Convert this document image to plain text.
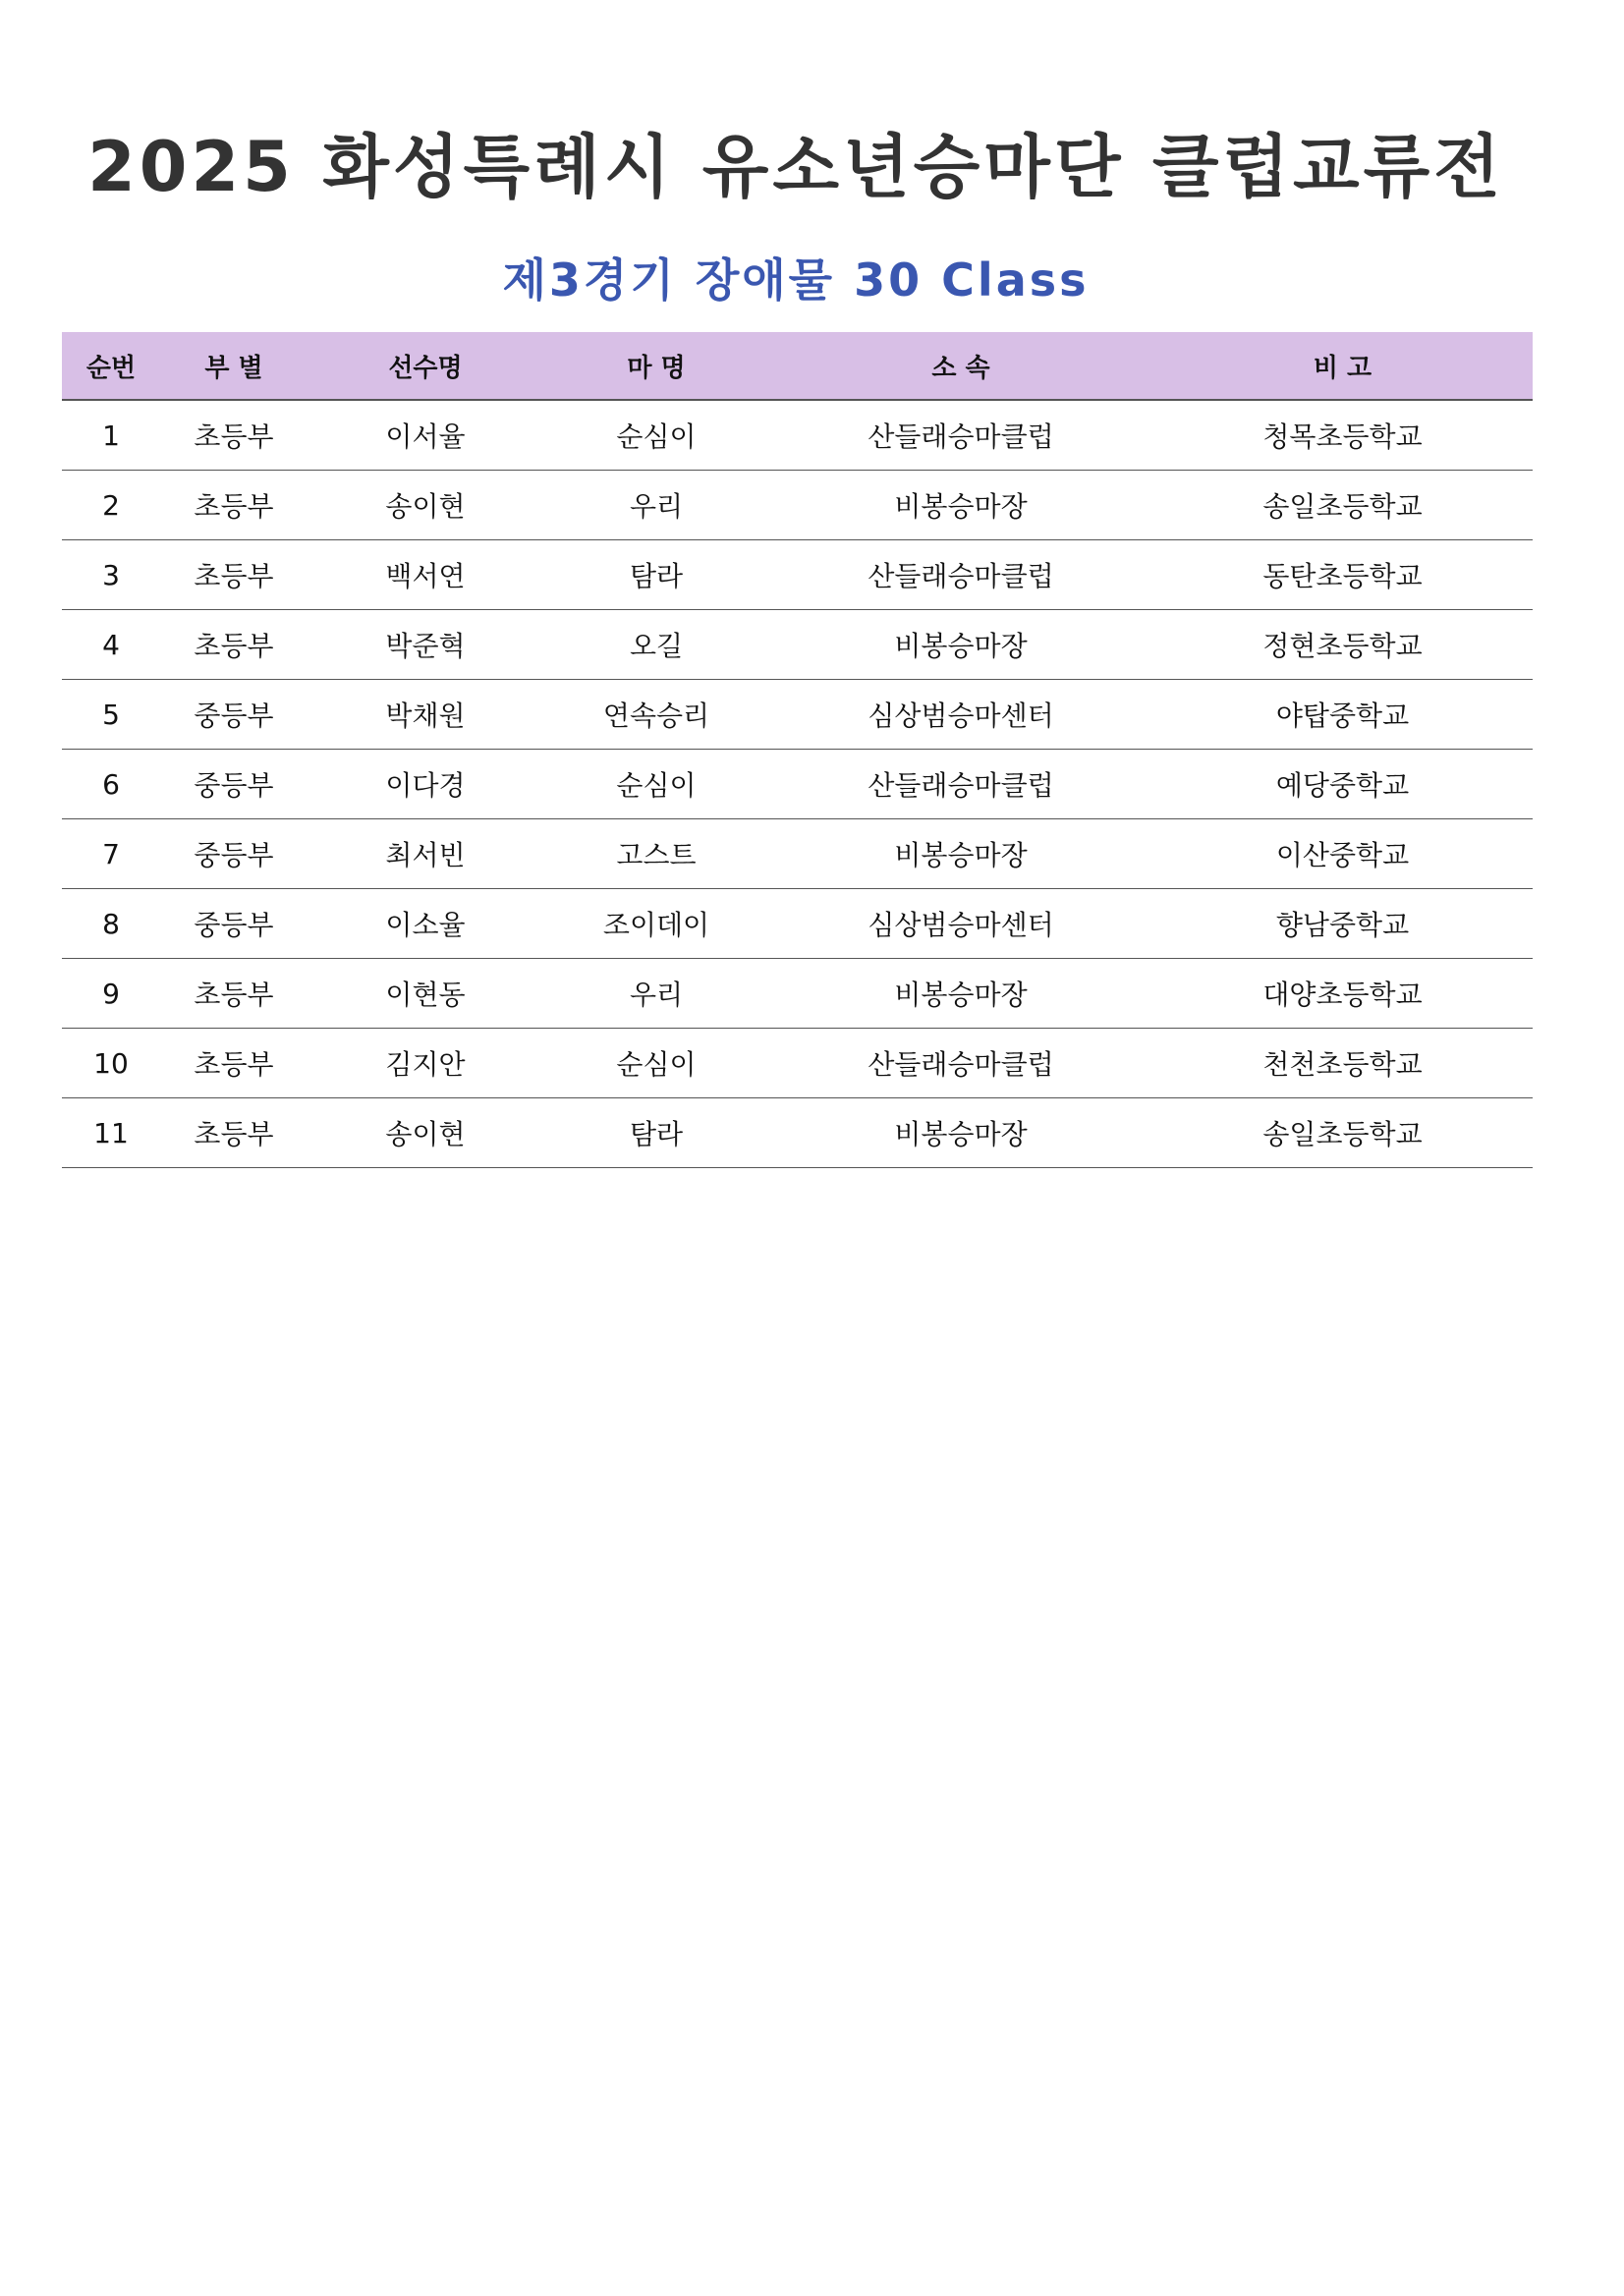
2025 화성특례시 유소년승마단 클럽교류전
제3경기 장애물 30 Class
순번	부 별	선수명	마 명	소 속	비 고
1	초등부	이서율	순심이	산들래승마클럽	청목초등학교
2	초등부	송이현	우리	비봉승마장	송일초등학교
3	초등부	백서연	탐라	산들래승마클럽	동탄초등학교
4	초등부	박준혁	오길	비봉승마장	정현초등학교
5	중등부	박채원	연속승리	심상범승마센터	야탑중학교
6	중등부	이다경	순심이	산들래승마클럽	예당중학교
7	중등부	최서빈	고스트	비봉승마장	이산중학교
8	중등부	이소율	조이데이	심상범승마센터	향남중학교
9	초등부	이현동	우리	비봉승마장	대양초등학교
10	초등부	김지안	순심이	산들래승마클럽	천천초등학교
11	초등부	송이현	탐라	비봉승마장	송일초등학교
